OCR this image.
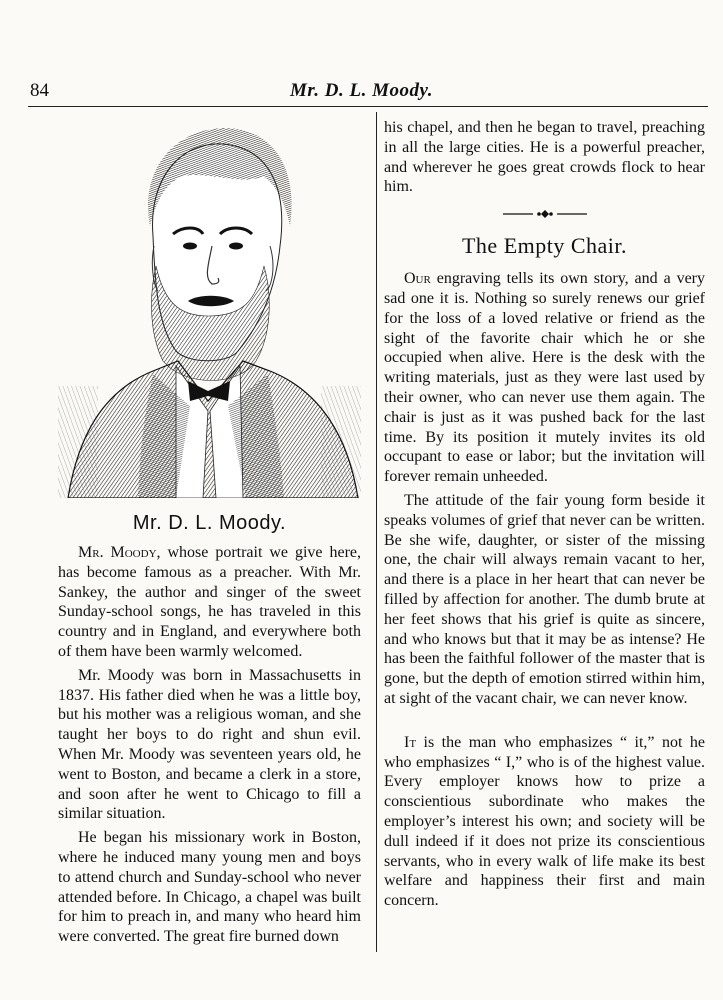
84	Mr. D. L. Moody.
Mr. D. L. Moody.

Mr. Moody, whose portrait we give here, has become famous as a preacher. With Mr. Sankey, the author and singer of the sweet Sunday-school songs, he has traveled in this country and in England, and everywhere both of them have been warmly welcomed.

Mr. Moody was born in Massachusetts in 1837. His father died when he was a little boy, but his mother was a religious woman, and she taught her boys to do right and shun evil. When Mr. Moody was seventeen years old, he went to Boston, and became a clerk in a store, and soon after he went to Chicago to fill a similar situation.

He began his missionary work in Boston, where he induced many young men and boys to attend church and Sunday-school who never attended before. In Chicago, a chapel was built for him to preach in, and many who heard him were converted. The great fire burned down

his chapel, and then he began to travel, preaching in all the large cities. He is a powerful preacher, and wherever he goes great crowds flock to hear him.

The Empty Chair.

Our engraving tells its own story, and a very sad one it is. Nothing so surely renews our grief for the loss of a loved relative or friend as the sight of the favorite chair which he or she occupied when alive. Here is the desk with the writing materials, just as they were last used by their owner, who can never use them again. The chair is just as it was pushed back for the last time. By its position it mutely invites its old occupant to ease or labor; but the invitation will forever remain unheeded.

The attitude of the fair young form beside it speaks volumes of grief that never can be written. Be she wife, daughter, or sister of the missing one, the chair will always remain vacant to her, and there is a place in her heart that can never be filled by affection for another. The dumb brute at her feet shows that his grief is quite as sincere, and who knows but that it may be as intense? He has been the faithful follower of the master that is gone, but the depth of emotion stirred within him, at sight of the vacant chair, we can never know.

It is the man who emphasizes “ it,” not he who emphasizes “ I,” who is of the highest value. Every employer knows how to prize a conscientious subordinate who makes the employer’s interest his own; and society will be dull indeed if it does not prize its conscientious servants, who in every walk of life make its best welfare and happiness their first and main concern.
